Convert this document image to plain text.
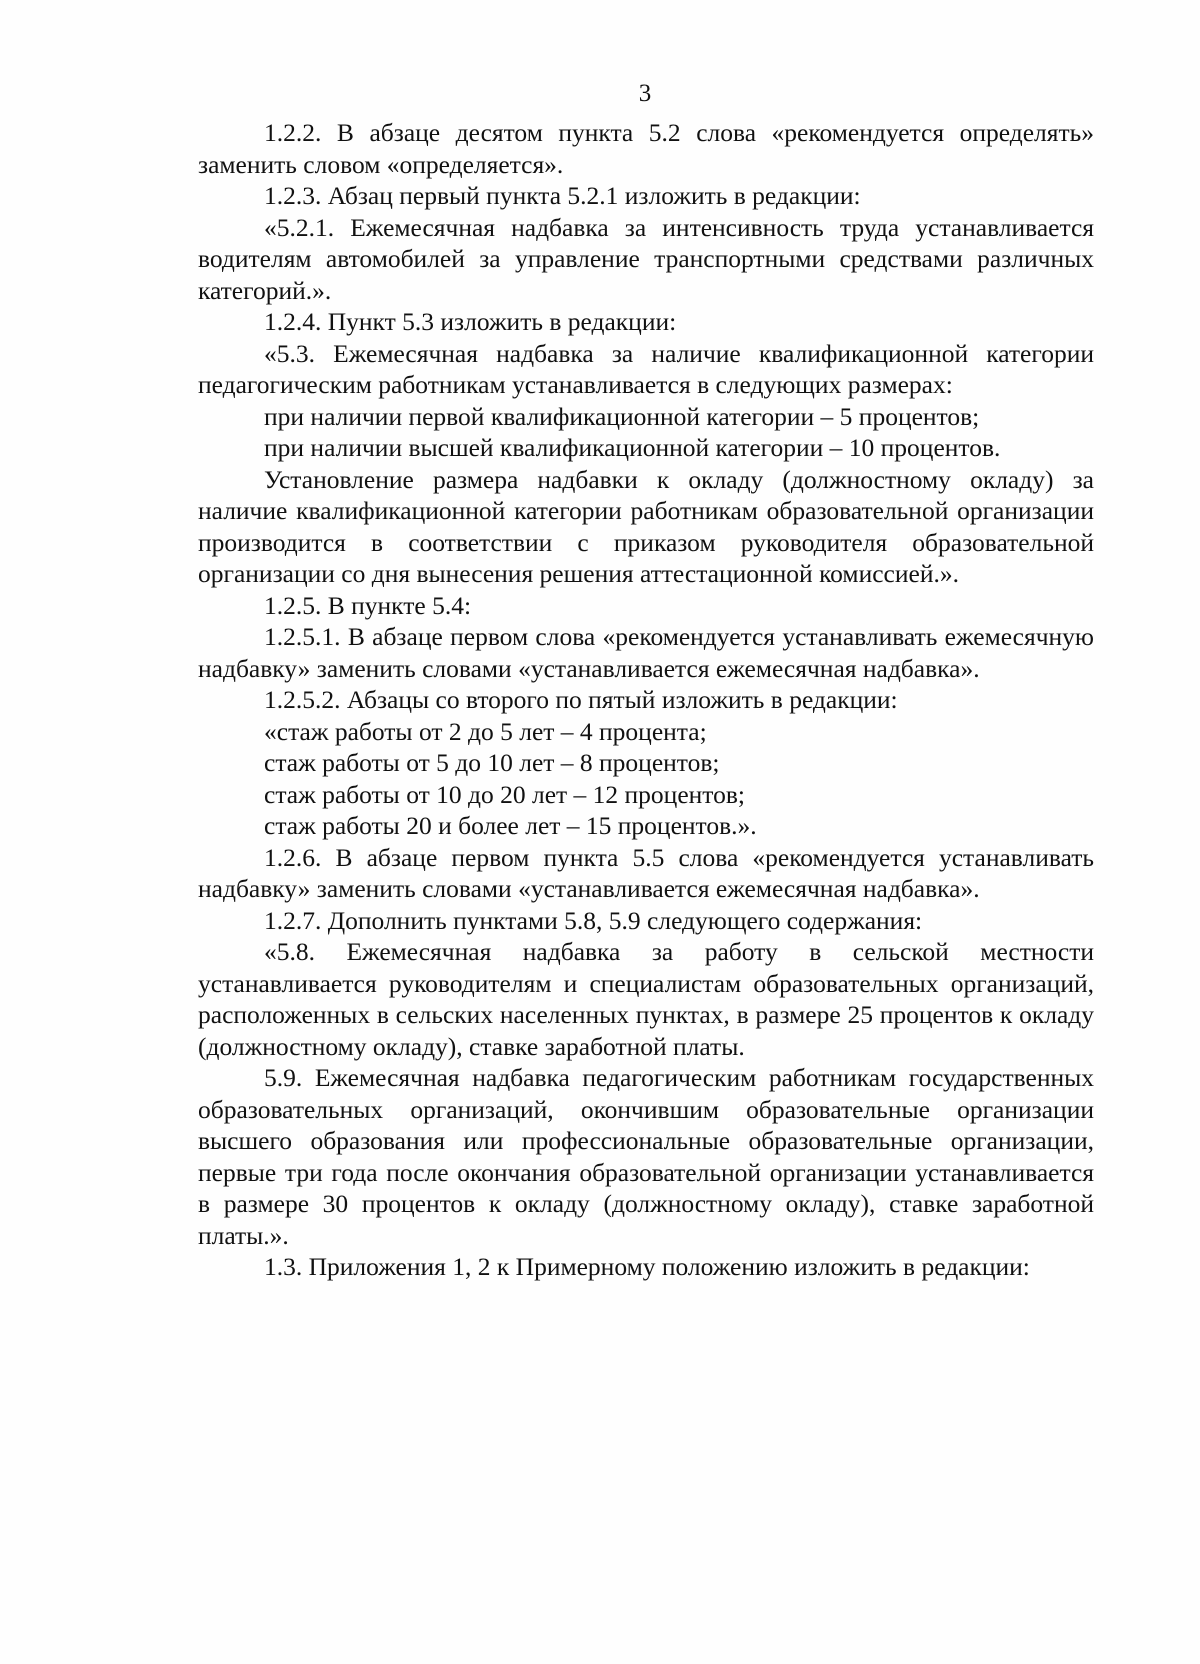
3

1.2.2. В абзаце десятом пункта 5.2 слова «рекомендуется определять» заменить словом «определяется».

1.2.3. Абзац первый пункта 5.2.1 изложить в редакции:

«5.2.1. Ежемесячная надбавка за интенсивность труда устанавливается водителям автомобилей за управление транспортными средствами различных категорий.».

1.2.4. Пункт 5.3 изложить в редакции:

«5.3. Ежемесячная надбавка за наличие квалификационной категории педагогическим работникам устанавливается в следующих размерах:

при наличии первой квалификационной категории – 5 процентов;

при наличии высшей квалификационной категории – 10 процентов.

Установление размера надбавки к окладу (должностному окладу) за наличие квалификационной категории работникам образовательной организации производится в соответствии с приказом руководителя образовательной организации со дня вынесения решения аттестационной комиссией.».

1.2.5. В пункте 5.4:

1.2.5.1. В абзаце первом слова «рекомендуется устанавливать ежемесячную надбавку» заменить словами «устанавливается ежемесячная надбавка».

1.2.5.2. Абзацы со второго по пятый изложить в редакции:

«стаж работы от 2 до 5 лет – 4 процента;

стаж работы от 5 до 10 лет – 8 процентов;

стаж работы от 10 до 20 лет – 12 процентов;

стаж работы 20 и более лет – 15 процентов.».

1.2.6. В абзаце первом пункта 5.5 слова «рекомендуется устанавливать надбавку» заменить словами «устанавливается ежемесячная надбавка».

1.2.7. Дополнить пунктами 5.8, 5.9 следующего содержания:

«5.8. Ежемесячная надбавка за работу в сельской местности устанавливается руководителям и специалистам образовательных организаций, расположенных в сельских населенных пунктах, в размере 25 процентов к окладу (должностному окладу), ставке заработной платы.

5.9. Ежемесячная надбавка педагогическим работникам государственных образовательных организаций, окончившим образовательные организации высшего образования или профессиональные образовательные организации, первые три года после окончания образовательной организации устанавливается в размере 30 процентов к окладу (должностному окладу), ставке заработной платы.».

1.3. Приложения 1, 2 к Примерному положению изложить в редакции:
